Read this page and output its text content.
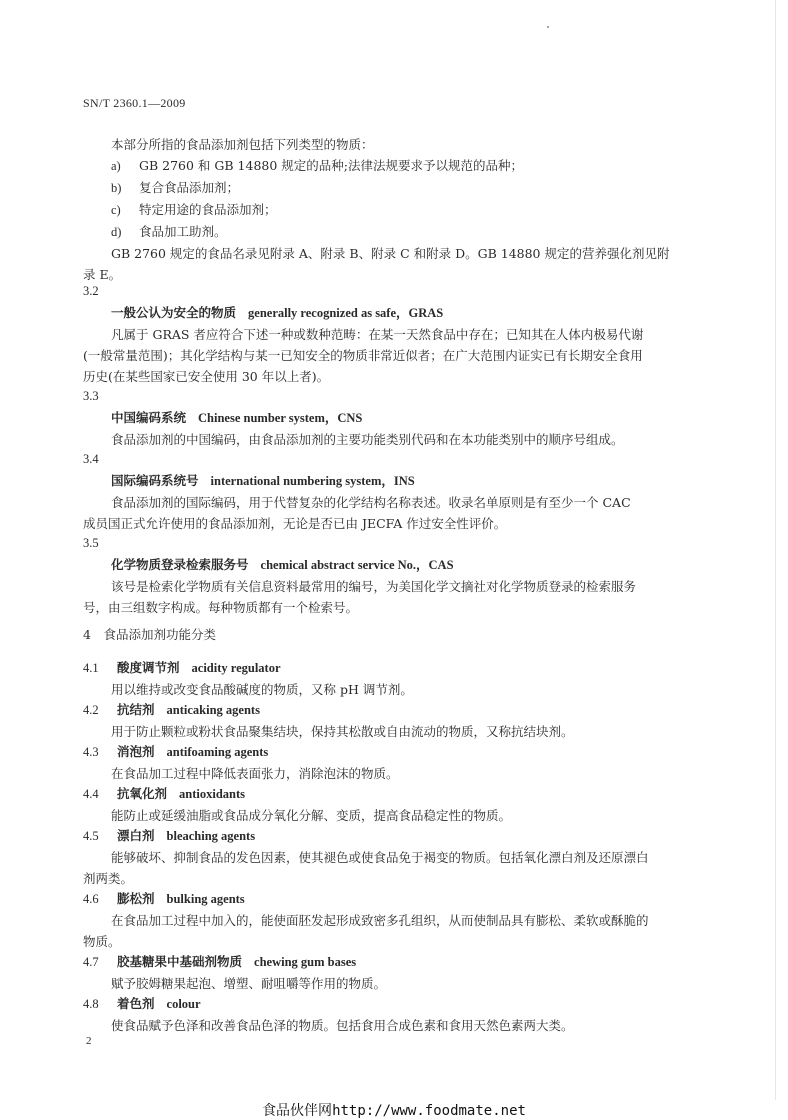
SN/T 2360.1—2009

本部分所指的食品添加剂包括下列类型的物质：

a) GB 2760 和 GB 14880 规定的品种;法律法规要求予以规范的品种；

b) 复合食品添加剂；

c) 特定用途的食品添加剂；

d) 食品加工助剂。

GB 2760 规定的食品名录见附录 A、附录 B、附录 C 和附录 D。GB 14880 规定的营养强化剂见附

录 E。

3.2

一般公认为安全的物质 generally recognized as safe，GRAS

凡属于 GRAS 者应符合下述一种或数种范畴：在某一天然食品中存在；已知其在人体内极易代谢

(一般常量范围)；其化学结构与某一已知安全的物质非常近似者；在广大范围内证实已有长期安全食用

历史(在某些国家已安全使用 30 年以上者)。

3.3

中国编码系统 Chinese number system，CNS

食品添加剂的中国编码，由食品添加剂的主要功能类别代码和在本功能类别中的顺序号组成。

3.4

国际编码系统号 international numbering system，INS

食品添加剂的国际编码，用于代替复杂的化学结构名称表述。收录名单原则是有至少一个 CAC

成员国正式允许使用的食品添加剂，无论是否已由 JECFA 作过安全性评价。

3.5

化学物质登录检索服务号 chemical abstract service No.，CAS

该号是检索化学物质有关信息资料最常用的编号，为美国化学文摘社对化学物质登录的检索服务

号，由三组数字构成。每种物质都有一个检索号。

4　食品添加剂功能分类

4.1 酸度调节剂 acidity regulator

用以维持或改变食品酸碱度的物质，又称 pH 调节剂。

4.2 抗结剂 anticaking agents

用于防止颗粒或粉状食品聚集结块，保持其松散或自由流动的物质，又称抗结块剂。

4.3 消泡剂 antifoaming agents

在食品加工过程中降低表面张力，消除泡沫的物质。

4.4 抗氧化剂 antioxidants

能防止或延缓油脂或食品成分氧化分解、变质，提高食品稳定性的物质。

4.5 漂白剂 bleaching agents

能够破坏、抑制食品的发色因素，使其褪色或使食品免于褐变的物质。包括氧化漂白剂及还原漂白

剂两类。

4.6 膨松剂 bulking agents

在食品加工过程中加入的，能使面胚发起形成致密多孔组织，从而使制品具有膨松、柔软或酥脆的

物质。

4.7 胶基糖果中基础剂物质 chewing gum bases

赋予胶姆糖果起泡、增塑、耐咀嚼等作用的物质。

4.8 着色剂 colour

使食品赋予色泽和改善食品色泽的物质。包括食用合成色素和食用天然色素两大类。

2
食品伙伴网http://www.foodmate.net
